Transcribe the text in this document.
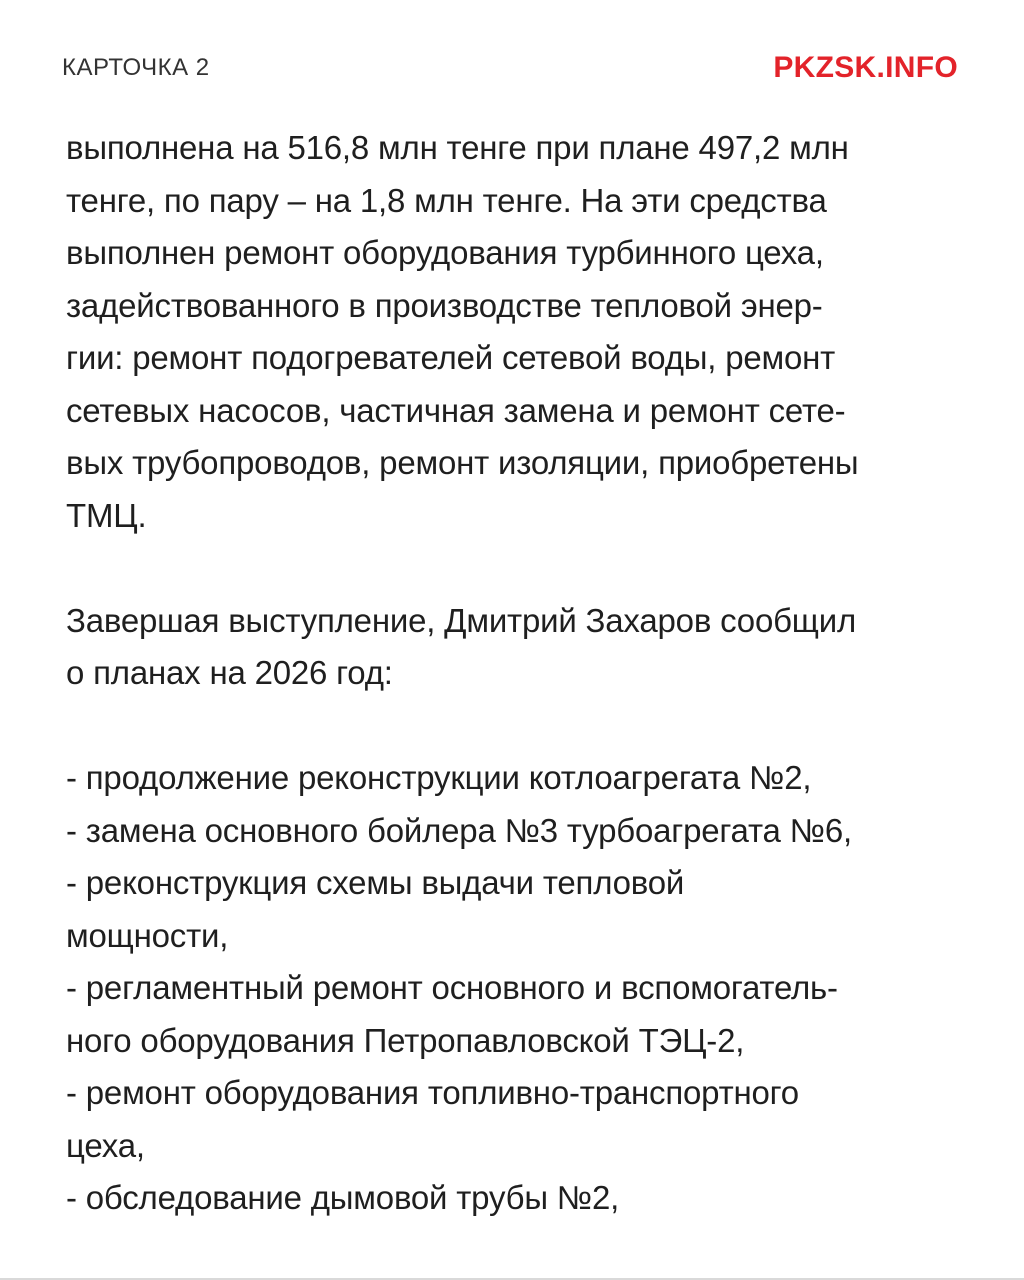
КАРТОЧКА 2	PKZSK.INFO
выполнена на 516,8 млн тенге при плане 497,2 млн
тенге, по пару – на 1,8 млн тенге. На эти средства
выполнен ремонт оборудования турбинного цеха,
задействованного в производстве тепловой энер-
гии: ремонт подогревателей сетевой воды, ремонт
сетевых насосов, частичная замена и ремонт сете-
вых трубопроводов, ремонт изоляции, приобретены
ТМЦ.
Завершая выступление, Дмитрий Захаров сообщил
о планах на 2026 год:
- продолжение реконструкции котлоагрегата №2,
- замена основного бойлера №3 турбоагрегата №6,
- реконструкция схемы выдачи тепловой
мощности,
- регламентный ремонт основного и вспомогатель-
ного оборудования Петропавловской ТЭЦ-2,
- ремонт оборудования топливно-транспортного
цеха,
- обследование дымовой трубы №2,
